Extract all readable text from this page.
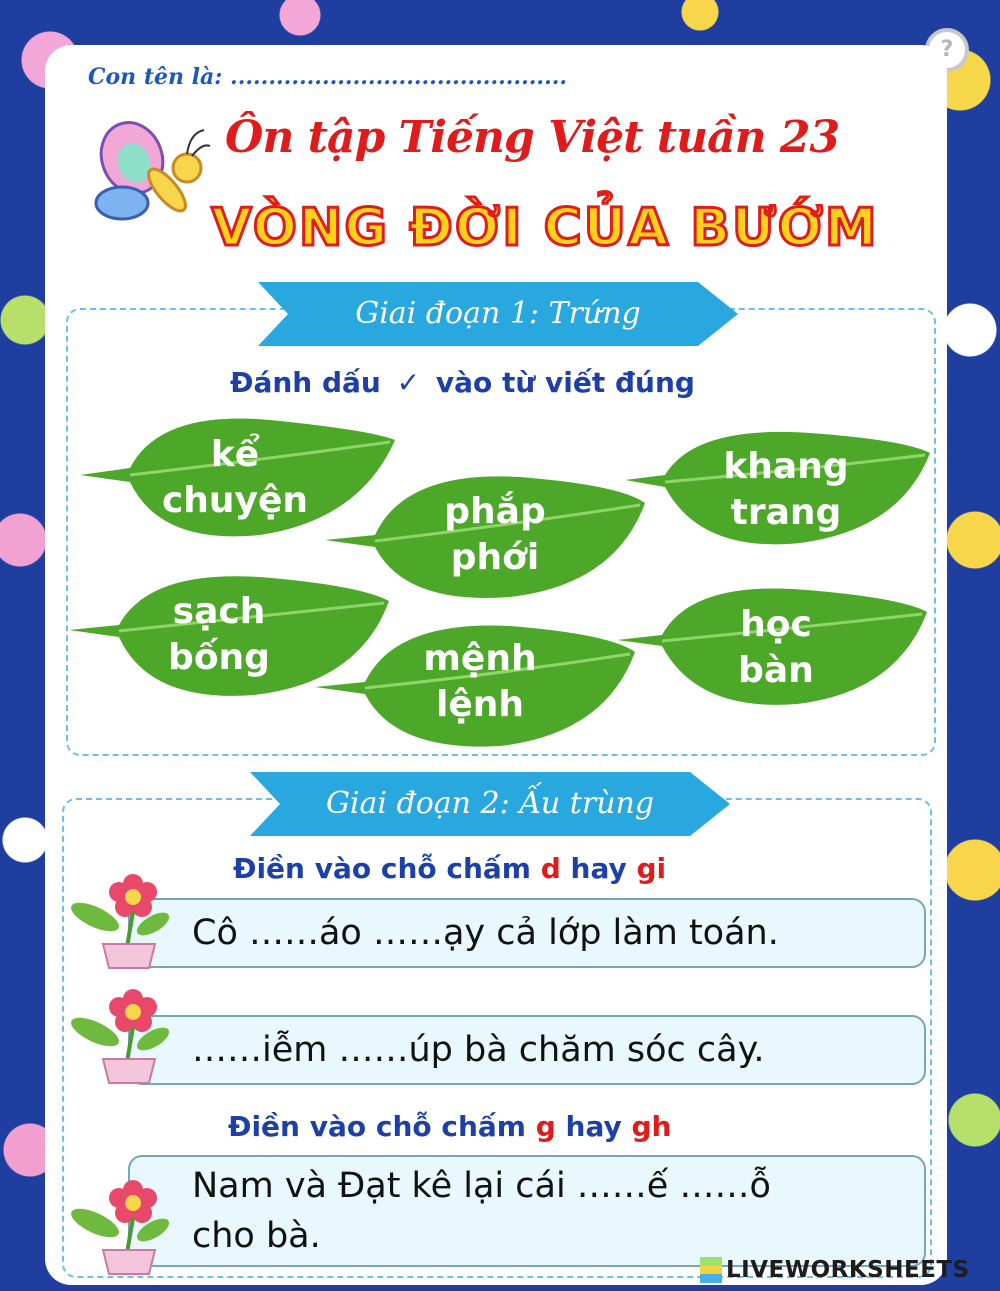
?
Con tên là: ............................................
Ôn tập Tiếng Việt tuần 23
VÒNG ĐỜI CỦA BƯỚM
Giai đoạn 1: Trứng
Đánh dấu ✓ vào từ viết đúng
kể
chuyện	phắp
phới
khang
trang
sạch
bống	mệnh
lệnh
học
bàn
Giai đoạn 2: Ấu trùng
Điền vào chỗ chấm d hay gi
Cô ……áo ……ạy cả lớp làm toán.
……iễm ……úp bà chăm sóc cây.
Điền vào chỗ chấm g hay gh
Nam và Đạt kê lại cái ……ế ……ỗ
cho bà.
LIVEWORKSHEETS
